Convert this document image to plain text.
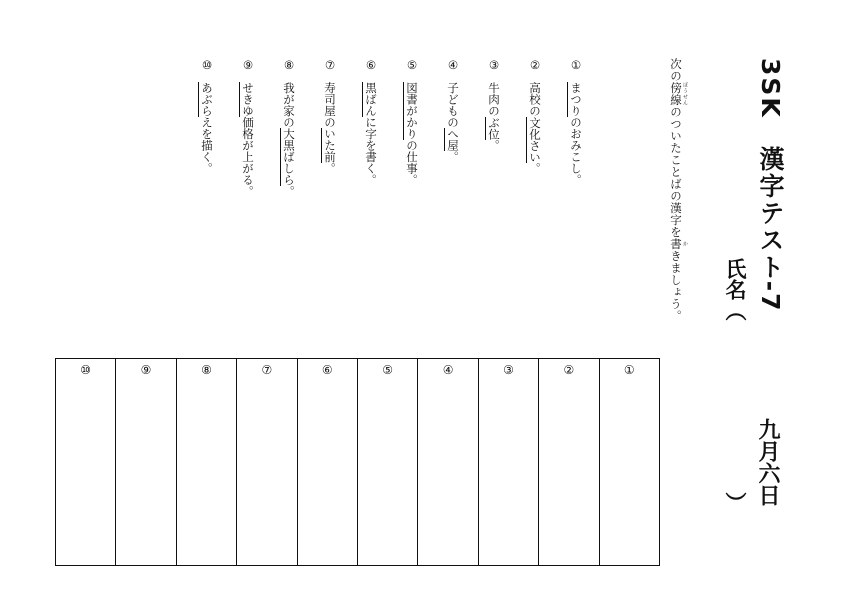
3SK　漢字テスト-7
九月六日
氏名（
）
次の傍線 ぼうせんのついたことばの漢字を書 かきましょう。
①まつりのおみこし。
②高校の文化さい。
③牛肉のぶ位。
④子どものへ屋。
⑤図書がかりの仕事。
⑥黒ばんに字を書く。
⑦寿司屋のいた前。
⑧我が家の大黒ばしら。
⑨せきゆ価格が上がる。
⑩あぶらえを描く。
①
②
③
④
⑤
⑥
⑦
⑧
⑨
⑩
